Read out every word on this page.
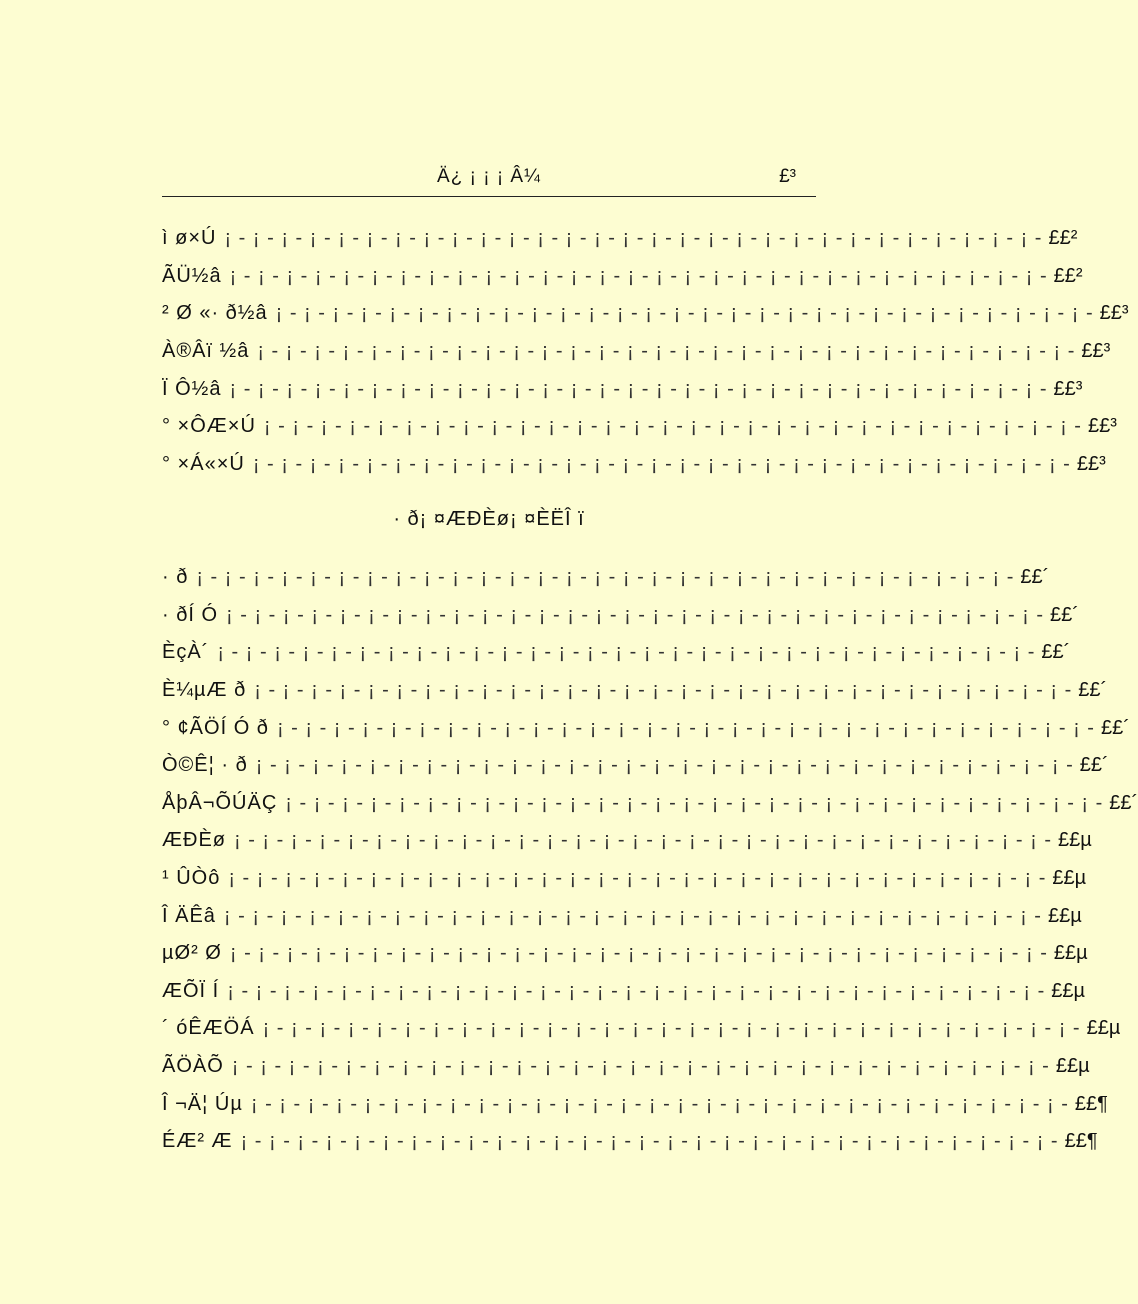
Ä¿ ¡ ¡ ¡ Â¼	£³
ì ø×Ú ¡ - ¡ - ¡ - ¡ - ¡ - ¡ - ¡ - ¡ - ¡ - ¡ - ¡ - ¡ - ¡ - ¡ - ¡ - ¡ - ¡ - ¡ - ¡ - ¡ - ¡ - ¡ - ¡ - ¡ - ¡ - ¡ - ¡ - ¡ - ¡ - ££²
ÃÜ½â ¡ - ¡ - ¡ - ¡ - ¡ - ¡ - ¡ - ¡ - ¡ - ¡ - ¡ - ¡ - ¡ - ¡ - ¡ - ¡ - ¡ - ¡ - ¡ - ¡ - ¡ - ¡ - ¡ - ¡ - ¡ - ¡ - ¡ - ¡ - ¡ - ££²
² Ø «· ð½â ¡ - ¡ - ¡ - ¡ - ¡ - ¡ - ¡ - ¡ - ¡ - ¡ - ¡ - ¡ - ¡ - ¡ - ¡ - ¡ - ¡ - ¡ - ¡ - ¡ - ¡ - ¡ - ¡ - ¡ - ¡ - ¡ - ¡ - ¡ - ¡ - ££³
À®Âï ½â ¡ - ¡ - ¡ - ¡ - ¡ - ¡ - ¡ - ¡ - ¡ - ¡ - ¡ - ¡ - ¡ - ¡ - ¡ - ¡ - ¡ - ¡ - ¡ - ¡ - ¡ - ¡ - ¡ - ¡ - ¡ - ¡ - ¡ - ¡ - ¡ - ££³
Ï Ô½â ¡ - ¡ - ¡ - ¡ - ¡ - ¡ - ¡ - ¡ - ¡ - ¡ - ¡ - ¡ - ¡ - ¡ - ¡ - ¡ - ¡ - ¡ - ¡ - ¡ - ¡ - ¡ - ¡ - ¡ - ¡ - ¡ - ¡ - ¡ - ¡ - ££³
° ×ÔÆ×Ú ¡ - ¡ - ¡ - ¡ - ¡ - ¡ - ¡ - ¡ - ¡ - ¡ - ¡ - ¡ - ¡ - ¡ - ¡ - ¡ - ¡ - ¡ - ¡ - ¡ - ¡ - ¡ - ¡ - ¡ - ¡ - ¡ - ¡ - ¡ - ¡ - ££³
° ×Á«×Ú ¡ - ¡ - ¡ - ¡ - ¡ - ¡ - ¡ - ¡ - ¡ - ¡ - ¡ - ¡ - ¡ - ¡ - ¡ - ¡ - ¡ - ¡ - ¡ - ¡ - ¡ - ¡ - ¡ - ¡ - ¡ - ¡ - ¡ - ¡ - ¡ - ££³
· ð¡ ¤ÆÐÈø¡ ¤ÈËÎ ï
· ð ¡ - ¡ - ¡ - ¡ - ¡ - ¡ - ¡ - ¡ - ¡ - ¡ - ¡ - ¡ - ¡ - ¡ - ¡ - ¡ - ¡ - ¡ - ¡ - ¡ - ¡ - ¡ - ¡ - ¡ - ¡ - ¡ - ¡ - ¡ - ¡ - ££´
· ðÍ Ó ¡ - ¡ - ¡ - ¡ - ¡ - ¡ - ¡ - ¡ - ¡ - ¡ - ¡ - ¡ - ¡ - ¡ - ¡ - ¡ - ¡ - ¡ - ¡ - ¡ - ¡ - ¡ - ¡ - ¡ - ¡ - ¡ - ¡ - ¡ - ¡ - ££´
ÈçÀ´ ¡ - ¡ - ¡ - ¡ - ¡ - ¡ - ¡ - ¡ - ¡ - ¡ - ¡ - ¡ - ¡ - ¡ - ¡ - ¡ - ¡ - ¡ - ¡ - ¡ - ¡ - ¡ - ¡ - ¡ - ¡ - ¡ - ¡ - ¡ - ¡ - ££´
È¼µÆ ð ¡ - ¡ - ¡ - ¡ - ¡ - ¡ - ¡ - ¡ - ¡ - ¡ - ¡ - ¡ - ¡ - ¡ - ¡ - ¡ - ¡ - ¡ - ¡ - ¡ - ¡ - ¡ - ¡ - ¡ - ¡ - ¡ - ¡ - ¡ - ¡ - ££´
° ¢ÃÖÍ Ó ð ¡ - ¡ - ¡ - ¡ - ¡ - ¡ - ¡ - ¡ - ¡ - ¡ - ¡ - ¡ - ¡ - ¡ - ¡ - ¡ - ¡ - ¡ - ¡ - ¡ - ¡ - ¡ - ¡ - ¡ - ¡ - ¡ - ¡ - ¡ - ¡ - ££´
Ò©Ê¦ · ð ¡ - ¡ - ¡ - ¡ - ¡ - ¡ - ¡ - ¡ - ¡ - ¡ - ¡ - ¡ - ¡ - ¡ - ¡ - ¡ - ¡ - ¡ - ¡ - ¡ - ¡ - ¡ - ¡ - ¡ - ¡ - ¡ - ¡ - ¡ - ¡ - ££´
ÅþÂ¬ÕÚÄÇ ¡ - ¡ - ¡ - ¡ - ¡ - ¡ - ¡ - ¡ - ¡ - ¡ - ¡ - ¡ - ¡ - ¡ - ¡ - ¡ - ¡ - ¡ - ¡ - ¡ - ¡ - ¡ - ¡ - ¡ - ¡ - ¡ - ¡ - ¡ - ¡ - ££´
ÆÐÈø ¡ - ¡ - ¡ - ¡ - ¡ - ¡ - ¡ - ¡ - ¡ - ¡ - ¡ - ¡ - ¡ - ¡ - ¡ - ¡ - ¡ - ¡ - ¡ - ¡ - ¡ - ¡ - ¡ - ¡ - ¡ - ¡ - ¡ - ¡ - ¡ - ££µ
¹ ÛÒô ¡ - ¡ - ¡ - ¡ - ¡ - ¡ - ¡ - ¡ - ¡ - ¡ - ¡ - ¡ - ¡ - ¡ - ¡ - ¡ - ¡ - ¡ - ¡ - ¡ - ¡ - ¡ - ¡ - ¡ - ¡ - ¡ - ¡ - ¡ - ¡ - ££µ
Î ÄÊâ ¡ - ¡ - ¡ - ¡ - ¡ - ¡ - ¡ - ¡ - ¡ - ¡ - ¡ - ¡ - ¡ - ¡ - ¡ - ¡ - ¡ - ¡ - ¡ - ¡ - ¡ - ¡ - ¡ - ¡ - ¡ - ¡ - ¡ - ¡ - ¡ - ££µ
µØ² Ø ¡ - ¡ - ¡ - ¡ - ¡ - ¡ - ¡ - ¡ - ¡ - ¡ - ¡ - ¡ - ¡ - ¡ - ¡ - ¡ - ¡ - ¡ - ¡ - ¡ - ¡ - ¡ - ¡ - ¡ - ¡ - ¡ - ¡ - ¡ - ¡ - ££µ
ÆÕÏ Í ¡ - ¡ - ¡ - ¡ - ¡ - ¡ - ¡ - ¡ - ¡ - ¡ - ¡ - ¡ - ¡ - ¡ - ¡ - ¡ - ¡ - ¡ - ¡ - ¡ - ¡ - ¡ - ¡ - ¡ - ¡ - ¡ - ¡ - ¡ - ¡ - ££µ
´ óÊÆÖÁ ¡ - ¡ - ¡ - ¡ - ¡ - ¡ - ¡ - ¡ - ¡ - ¡ - ¡ - ¡ - ¡ - ¡ - ¡ - ¡ - ¡ - ¡ - ¡ - ¡ - ¡ - ¡ - ¡ - ¡ - ¡ - ¡ - ¡ - ¡ - ¡ - ££µ
ÃÖÀÕ ¡ - ¡ - ¡ - ¡ - ¡ - ¡ - ¡ - ¡ - ¡ - ¡ - ¡ - ¡ - ¡ - ¡ - ¡ - ¡ - ¡ - ¡ - ¡ - ¡ - ¡ - ¡ - ¡ - ¡ - ¡ - ¡ - ¡ - ¡ - ¡ - ££µ
Î ¬Ä¦ Úµ ¡ - ¡ - ¡ - ¡ - ¡ - ¡ - ¡ - ¡ - ¡ - ¡ - ¡ - ¡ - ¡ - ¡ - ¡ - ¡ - ¡ - ¡ - ¡ - ¡ - ¡ - ¡ - ¡ - ¡ - ¡ - ¡ - ¡ - ¡ - ¡ - ££¶
ÉÆ² Æ ¡ - ¡ - ¡ - ¡ - ¡ - ¡ - ¡ - ¡ - ¡ - ¡ - ¡ - ¡ - ¡ - ¡ - ¡ - ¡ - ¡ - ¡ - ¡ - ¡ - ¡ - ¡ - ¡ - ¡ - ¡ - ¡ - ¡ - ¡ - ¡ - ££¶
